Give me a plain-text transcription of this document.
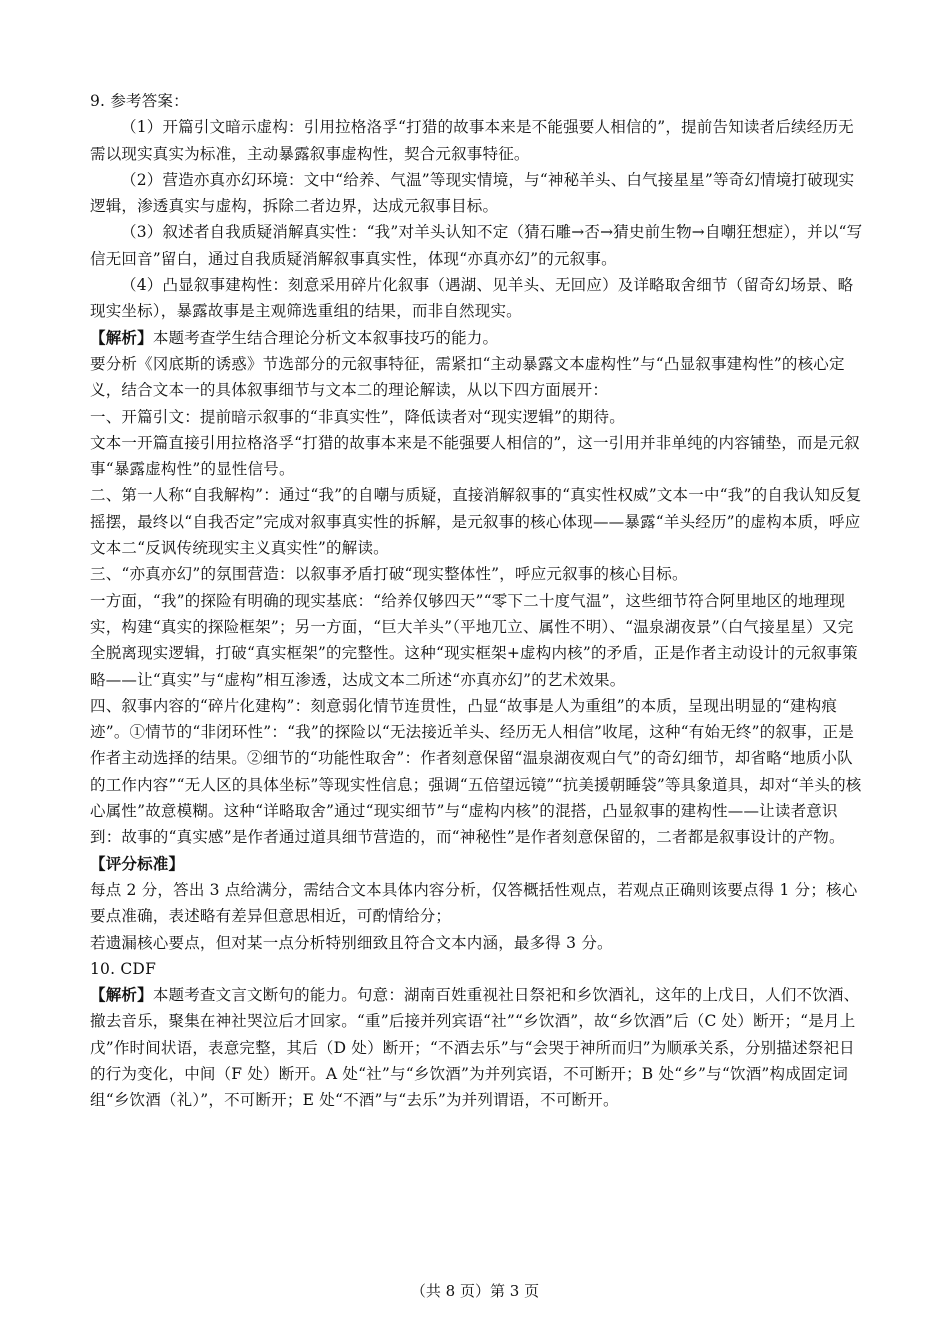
9. 参考答案：

（1）开篇引文暗示虚构：引用拉格洛孚“打猎的故事本来是不能强要人相信的”，提前告知读者后续经历无需以现实真实为标准，主动暴露叙事虚构性，契合元叙事特征。

（2）营造亦真亦幻环境：文中“给养、气温”等现实情境，与“神秘羊头、白气接星星”等奇幻情境打破现实逻辑，渗透真实与虚构，拆除二者边界，达成元叙事目标。

（3）叙述者自我质疑消解真实性：“我”对羊头认知不定（猜石雕→否→猜史前生物→自嘲狂想症），并以“写信无回音”留白，通过自我质疑消解叙事真实性，体现“亦真亦幻”的元叙事。

（4）凸显叙事建构性：刻意采用碎片化叙事（遇湖、见羊头、无回应）及详略取舍细节（留奇幻场景、略现实坐标），暴露故事是主观筛选重组的结果，而非自然现实。

【解析】本题考查学生结合理论分析文本叙事技巧的能力。

要分析《冈底斯的诱惑》节选部分的元叙事特征，需紧扣“主动暴露文本虚构性”与“凸显叙事建构性”的核心定义，结合文本一的具体叙事细节与文本二的理论解读，从以下四方面展开：

一、开篇引文：提前暗示叙事的“非真实性”，降低读者对“现实逻辑”的期待。

文本一开篇直接引用拉格洛孚“打猎的故事本来是不能强要人相信的”，这一引用并非单纯的内容铺垫，而是元叙事“暴露虚构性”的显性信号。

二、第一人称“自我解构”：通过“我”的自嘲与质疑，直接消解叙事的“真实性权威”文本一中“我”的自我认知反复摇摆，最终以“自我否定”完成对叙事真实性的拆解，是元叙事的核心体现——暴露“羊头经历”的虚构本质，呼应文本二“反讽传统现实主义真实性”的解读。

三、“亦真亦幻”的氛围营造：以叙事矛盾打破“现实整体性”，呼应元叙事的核心目标。

一方面，“我”的探险有明确的现实基底：“给养仅够四天”“零下二十度气温”，这些细节符合阿里地区的地理现实，构建“真实的探险框架”；另一方面，“巨大羊头”（平地兀立、属性不明）、“温泉湖夜景”（白气接星星）又完全脱离现实逻辑，打破“真实框架”的完整性。这种“现实框架+虚构内核”的矛盾，正是作者主动设计的元叙事策略——让“真实”与“虚构”相互渗透，达成文本二所述“亦真亦幻”的艺术效果。

四、叙事内容的“碎片化建构”：刻意弱化情节连贯性，凸显“故事是人为重组”的本质，呈现出明显的“建构痕迹”。①情节的“非闭环性”：“我”的探险以“无法接近羊头、经历无人相信”收尾，这种“有始无终”的叙事，正是作者主动选择的结果。②细节的“功能性取舍”：作者刻意保留“温泉湖夜观白气”的奇幻细节，却省略“地质小队的工作内容”“无人区的具体坐标”等现实性信息；强调“五倍望远镜”“抗美援朝睡袋”等具象道具，却对“羊头的核心属性”故意模糊。这种“详略取舍”通过“现实细节”与“虚构内核”的混搭，凸显叙事的建构性——让读者意识到：故事的“真实感”是作者通过道具细节营造的，而“神秘性”是作者刻意保留的，二者都是叙事设计的产物。

【评分标准】

每点 2 分，答出 3 点给满分，需结合文本具体内容分析，仅答概括性观点，若观点正确则该要点得 1 分；核心要点准确，表述略有差异但意思相近，可酌情给分；

若遗漏核心要点，但对某一点分析特别细致且符合文本内涵，最多得 3 分。

10. CDF

【解析】本题考查文言文断句的能力。句意：湖南百姓重视社日祭祀和乡饮酒礼，这年的上戊日，人们不饮酒、撤去音乐，聚集在神社哭泣后才回家。“重”后接并列宾语“社”“乡饮酒”，故“乡饮酒”后（C 处）断开；“是月上戊”作时间状语，表意完整，其后（D 处）断开；“不酒去乐”与“会哭于神所而归”为顺承关系，分别描述祭祀日的行为变化，中间（F 处）断开。A 处“社”与“乡饮酒”为并列宾语，不可断开；B 处“乡”与“饮酒”构成固定词组“乡饮酒（礼）”，不可断开；E 处“不酒”与“去乐”为并列谓语，不可断开。

（共 8 页）第 3 页
